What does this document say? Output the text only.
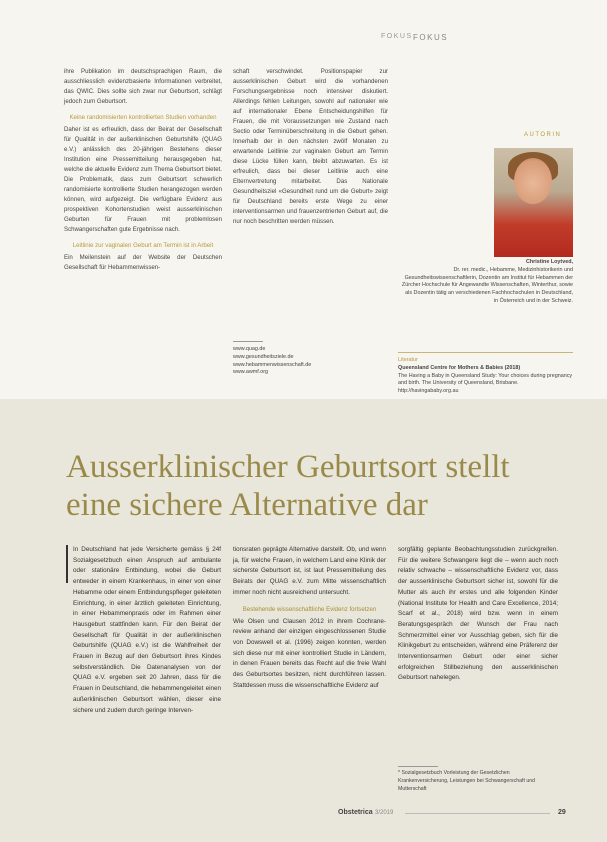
FOKUS FOKUS

ihre Publikation im deutschsprachigen Raum, die ausschliesslich evidenzbasierte Informationen verbreitet, das QWIC. Dies sollte sich zwar nur Geburtsort, schlägt jedoch zum Geburtsort.

Keine randomisierten kontrollierten Studien vorhanden

Daher ist es erfreulich, dass der Beirat der Gesellschaft für Qualität in der außerklinischen Geburtshilfe (QUAG e.V.) anlässlich des 20-jährigen Bestehens dieser Institution eine Pressemitteilung herausgegeben hat, welche die aktuelle Evidenz zum Thema Geburtsort bietet. Die Problematik, dass zum Geburtsort schwerlich randomisierte kontrollierte Studien herangezogen werden können, wird aufgezeigt. Die verfügbare Evidenz aus prospektiven Kohortenstudien weist ausserklinischen Geburten für Frauen mit problemlosen Schwangerschaften gute Ergebnisse nach.

Leitlinie zur vaginalen Geburt am Termin ist in Arbeit

Ein Meilenstein auf der Website der Deutschen Gesellschaft für Hebammenwissen-

schaft verschwindet. Positionspapier zur ausserklinischen Geburt wird die vorhandenen Forschungsergebnisse noch intensiver diskutiert. Allerdings fehlen Leitungen, sowohl auf nationaler wie auf internationaler Ebene Entscheidungshilfen für Frauen, die mit Voraussetzungen wie Zustand nach Sectio oder Terminüberschreitung in die Geburt gehen. Innerhalb der in den nächsten zwölf Monaten zu erwartende Leitlinie zur vaginalen Geburt am Termin diese Lücke füllen kann, bleibt abzuwarten. Es ist erfreulich, dass bei dieser Leitlinie auch eine Elternvertretung mitarbeitet. Das Nationale Gesundheitsziel «Gesundheit rund um die Geburt» zeigt für Deutschland bereits erste Wege zu einer interventionsarmen und frauenzentrierten Geburt auf, die nur noch beschritten werden müssen.

www.quag.de
www.gesundheitsziele.de
www.hebammenwissenschaft.de
www.awmf.org
AUTORIN
Christine Loytved,
Dr. rer. medic., Hebamme, Medizinhistorikerin und Gesundheitswissenschaftlerin, Dozentin am Institut für Hebammen der Zürcher Hochschule für Angewandte Wissenschaften, Winterthur, sowie als Dozentin tätig an verschiedenen Fachhochschulen in Deutschland, in Österreich und in der Schweiz.
Literatur
Queensland Centre for Mothers & Babies (2018)
The Having a Baby in Queensland Study: Your choices during pregnancy and birth. The University of Queensland, Brisbane. http://havingababy.org.au
Ausserklinischer Geburtsort stellt
eine sichere Alternative dar
In Deutschland hat jede Versicherte gemäss § 24f Sozialgesetzbuch einen Anspruch auf ambulante oder stationäre Entbindung, wobei die Geburt entweder in einem Krankenhaus, in einer von einer Hebamme oder einem Entbindungspfleger geleiteten Einrichtung, in einer ärztlich geleiteten Einrichtung, in einer Hebammenpraxis oder im Rahmen einer Hausgeburt stattfinden kann. Für den Beirat der Gesellschaft für Qualität in der außerklinischen Geburtshilfe (QUAG e.V.) ist die Wahlfreiheit der Frauen in Bezug auf den Geburtsort ihres Kindes selbstverständlich. Die Datenanalysen von der QUAG e.V. ergeben seit 20 Jahren, dass für die Frauen in Deutschland, die hebammengeleitet einen außerklinischen Geburtsort wählen, dieser eine sichere und zudem durch geringe Interven-
tionsraten geprägte Alternative darstellt. Ob, und wenn ja, für welche Frauen, in welchem Land eine Klinik der sicherste Geburtsort ist, ist laut Pressemitteilung des Beirats der QUAG e.V. zum Mitte wissenschaftlich immer noch nicht ausreichend untersucht.
Bestehende wissenschaftliche Evidenz fortsetzen
Wie Olsen und Clausen 2012 in ihrem Cochrane-review anhand der einzigen eingeschlossenen Studie von Dowswell et al. (1996) zeigen konnten, werden sich diese nur mit einer kontrolliert Studie in Ländern, in denen Frauen bereits das Recht auf die freie Wahl des Geburtsortes besitzen, nicht durchführen lassen. Stattdessen muss die wissenschaftliche Evidenz auf
sorgfältig geplante Beobachtungsstudien zurückgreifen. Für die weitere Schwangere liegt die – wenn auch noch relativ schwache – wissenschaftliche Evidenz vor, dass der ausserklinische Geburtsort sicher ist, sowohl für die Mutter als auch ihr erstes und alle folgenden Kinder (National Institute for Health and Care Excellence, 2014; Scarf et al., 2018) wird bzw. wenn in einem Beratungsgespräch der Wunsch der Frau nach Schmerzmittel einer vor Ausschlag geben, sich für die Klinikgeburt zu entscheiden, während eine Präferenz der Interventionsarmen Geburt oder einer sicher erfolgreichen Stillbeziehung den ausserklinischen Geburtsort nahelegen.
* Sozialgesetzbuch Vorleistung der Gesetzlichen Krankenversicherung, Leistungen bei Schwangerschaft und Mutterschaft
Obstetrica 3/2019	29
